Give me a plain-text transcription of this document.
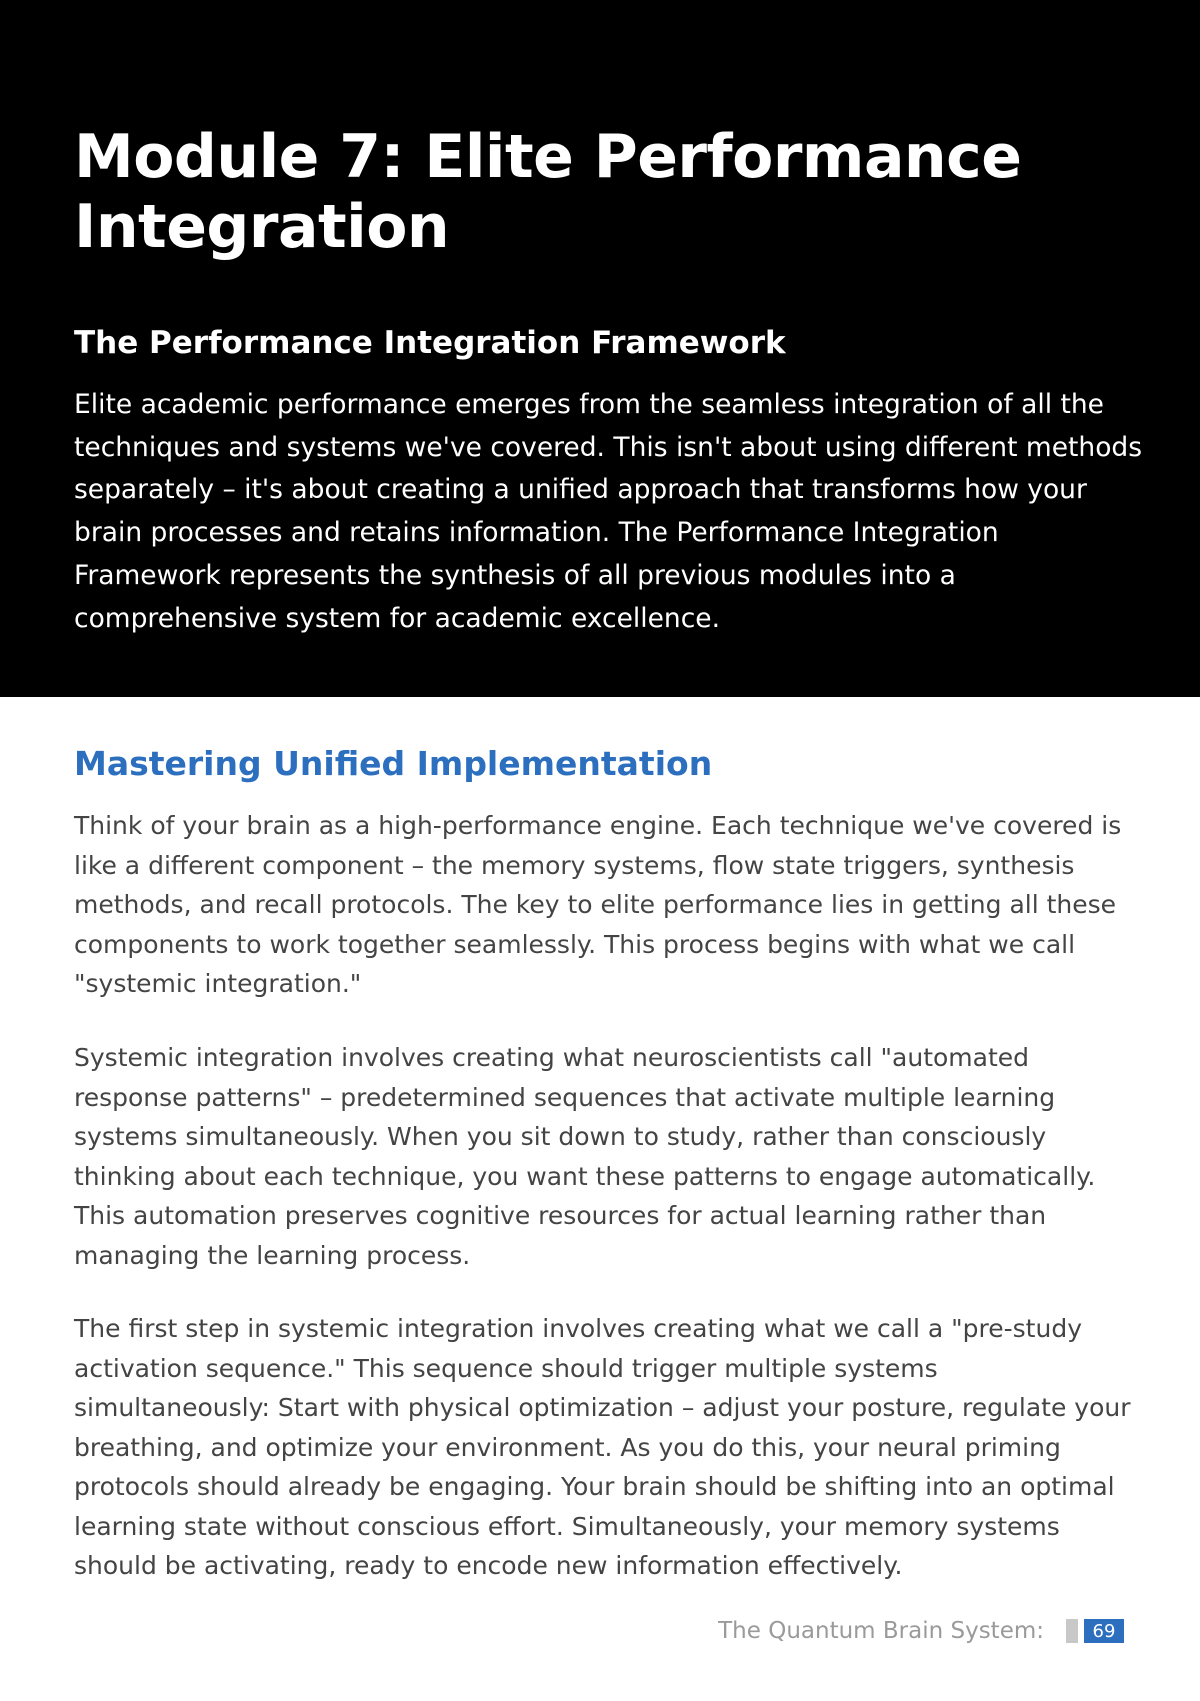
Module 7: Elite Performance Integration
The Performance Integration Framework

Elite academic performance emerges from the seamless integration of all the techniques and systems we've covered. This isn't about using different methods separately – it's about creating a unified approach that transforms how your brain processes and retains information. The Performance Integration Framework represents the synthesis of all previous modules into a comprehensive system for academic excellence.

Mastering Unified Implementation

Think of your brain as a high-performance engine. Each technique we've covered is like a different component – the memory systems, flow state triggers, synthesis methods, and recall protocols. The key to elite performance lies in getting all these components to work together seamlessly. This process begins with what we call "systemic integration."

Systemic integration involves creating what neuroscientists call "automated response patterns" – predetermined sequences that activate multiple learning systems simultaneously. When you sit down to study, rather than consciously thinking about each technique, you want these patterns to engage automatically. This automation preserves cognitive resources for actual learning rather than managing the learning process.

The first step in systemic integration involves creating what we call a "pre-study activation sequence." This sequence should trigger multiple systems simultaneously: Start with physical optimization – adjust your posture, regulate your breathing, and optimize your environment. As you do this, your neural priming protocols should already be engaging. Your brain should be shifting into an optimal learning state without conscious effort. Simultaneously, your memory systems should be activating, ready to encode new information effectively.

The Quantum Brain System:	69
